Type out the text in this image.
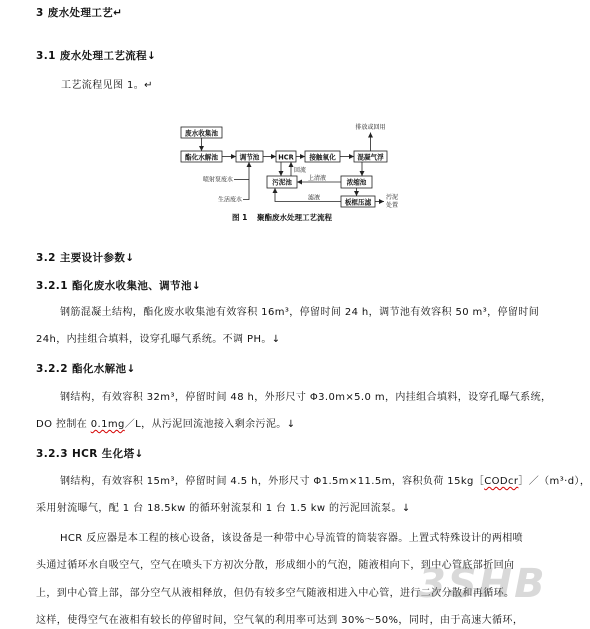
3 废水处理工艺↵
3.1 废水处理工艺流程↓
工艺流程见图 1。↵
废水收集池
酯化水解池	调节池	HCR 接触氧化	混凝气浮
污泥池	浓缩池
板框压滤
排放或回用
喷射泵废水
生活废水
回流
上清液
滤液	污泥
处置
图 1 聚酯废水处理工艺流程
3.2 主要设计参数↓
3.2.1 酯化废水收集池、调节池↓
钢筋混凝土结构，酯化废水收集池有效容积 16m³，停留时间 24 h，调节池有效容积 50 m³，停留时间
24h，内挂组合填料，设穿孔曝气系统。不调 PH。↓
3.2.2 酯化水解池↓
钢结构，有效容积 32m³，停留时间 48 h，外形尺寸 Φ3.0m×5.0 m，内挂组合填料，设穿孔曝气系统，
DO 控制在 0.1mg／L，从污泥回流池接入剩余污泥。↓
3.2.3 HCR 生化塔↓
钢结构，有效容积 15m³，停留时间 4.5 h，外形尺寸 Φ1.5m×11.5m，容积负荷 15kg［CODcr］／（m³·d），
采用射流曝气，配 1 台 18.5kw 的循环射流泵和 1 台 1.5 kw 的污泥回流泵。↓
HCR 反应器是本工程的核心设备，该设备是一种带中心导流管的筒装容器。上置式特殊设计的两相喷
头通过循环水自吸空气，空气在喷头下方初次分散，形成细小的气泡，随液相向下，到中心管底部折回向
上，到中心管上部，部分空气从液相释放，但仍有较多空气随液相进入中心管，进行二次分散和再循环。
这样，使得空气在液相有较长的停留时间，空气氧的利用率可达到 30%～50%，同时，由于高速大循环，
3SHB
